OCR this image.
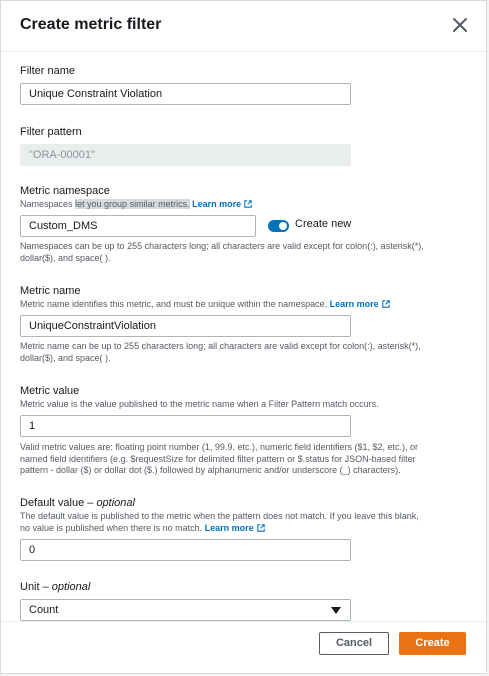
Create metric filter
Filter name
Unique Constraint Violation
Filter pattern
"ORA-00001"
Metric namespace
Namespaces let you group similar metrics. Learn more
Custom_DMS	Create new
Namespaces can be up to 255 characters long; all characters are valid except for colon(:), asterisk(*),
dollar($), and space( ).
Metric name
Metric name identifies this metric, and must be unique within the namespace. Learn more
UniqueConstraintViolation
Metric name can be up to 255 characters long; all characters are valid except for colon(:), asterisk(*),
dollar($), and space( ).
Metric value
Metric value is the value published to the metric name when a Filter Pattern match occurs.
1
Valid metric values are: floating point number (1, 99.9, etc.), numeric field identifiers ($1, $2, etc.), or
named field identifiers (e.g. $requestSize for delimited filter pattern or $.status for JSON-based filter
pattern - dollar ($) or dollar dot ($.) followed by alphanumeric and/or underscore (_) characters).
Default value – optional
The default value is published to the metric when the pattern does not match. If you leave this blank,
no value is published when there is no match. Learn more
0
Unit – optional
Count
Cancel	Create
